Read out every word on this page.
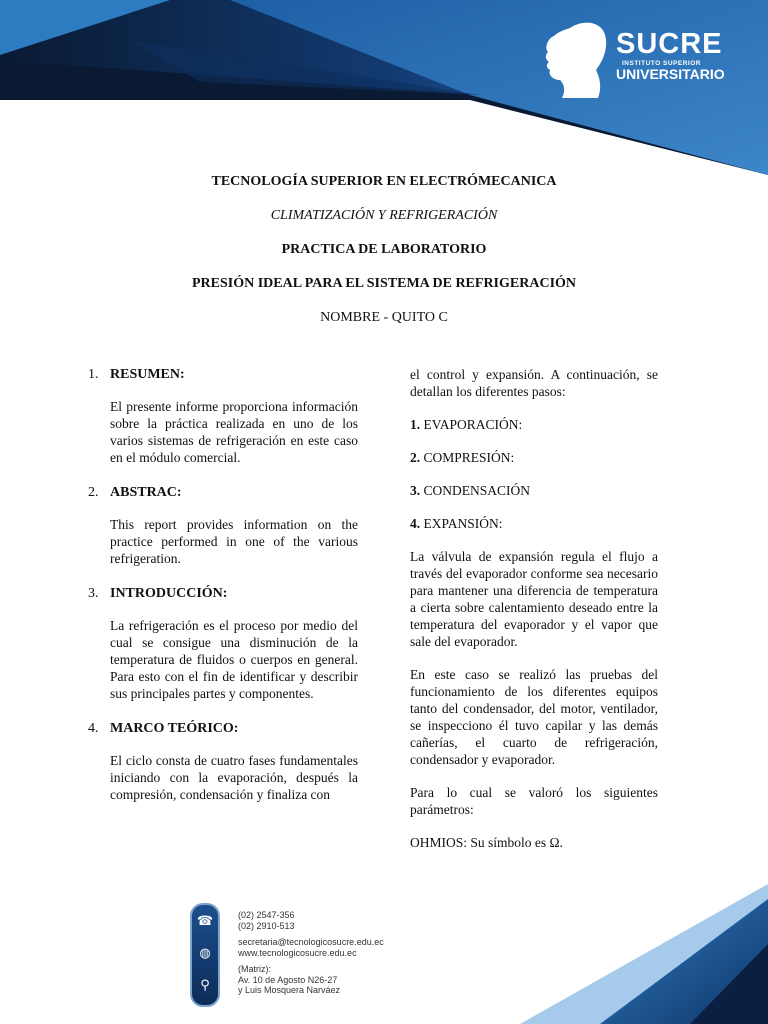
SUCRE
INSTITUTO SUPERIOR
UNIVERSITARIO
TECNOLOGÍA SUPERIOR EN ELECTRÓMECANICA
CLIMATIZACIÓN Y REFRIGERACIÓN
PRACTICA DE LABORATORIO
PRESIÓN IDEAL PARA EL SISTEMA DE REFRIGERACIÓN
NOMBRE - QUITO C
1. RESUMEN:
El presente informe proporciona información sobre la práctica realizada en uno de los varios sistemas de refrigeración en este caso en el módulo comercial.
2. ABSTRAC:
This report provides information on the practice performed in one of the various refrigeration.
3. INTRODUCCIÓN:
La refrigeración es el proceso por medio del cual se consigue una disminución de la temperatura de fluidos o cuerpos en general. Para esto con el fin de identificar y describir sus principales partes y componentes.
4. MARCO TEÓRICO:
El ciclo consta de cuatro fases fundamentales iniciando con la evaporación, después la compresión, condensación y finaliza con
el control y expansión. A continuación, se detallan los diferentes pasos:
1. EVAPORACIÓN:
2. COMPRESIÓN:
3. CONDENSACIÓN
4. EXPANSIÓN:
La válvula de expansión regula el flujo a través del evaporador conforme sea necesario para mantener una diferencia de temperatura a cierta sobre calentamiento deseado entre la temperatura del evaporador y el vapor que sale del evaporador.
En este caso se realizó las pruebas del funcionamiento de los diferentes equipos tanto del condensador, del motor, ventilador, se inspecciono él tuvo capilar y las demás cañerías, el cuarto de refrigeración, condensador y evaporador.
Para lo cual se valoró los siguientes parámetros:
OHMIOS: Su símbolo es Ω.
☎
◍
⚲
(02) 2547-356
(02) 2910-513
secretaria@tecnologicosucre.edu.ec
www.tecnologicosucre.edu.ec
(Matriz):
Av. 10 de Agosto N26-27
y Luis Mosquera Narváez
